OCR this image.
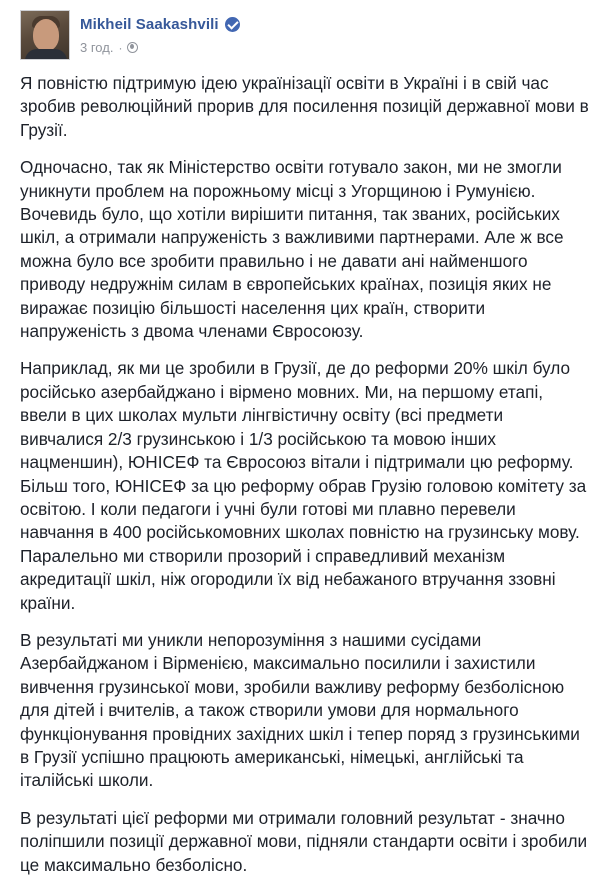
Mikheil Saakashvili
3 год. ·

Я повністю підтримую ідею українізації освіти в Україні і в свій час зробив революційний прорив для посилення позицій державної мови в Грузії.

Одночасно, так як Міністерство освіти готувало закон, ми не змогли уникнути проблем на порожньому місці з Угорщиною і Румунією. Вочевидь було, що хотіли вирішити питання, так званих, російських шкіл, а отримали напруженість з важливими партнерами. Але ж все можна було все зробити правильно і не давати ані найменшого приводу недружнім силам в європейських країнах, позиція яких не виражає позицію більшості населення цих країн, створити напруженість з двома членами Євросоюзу.

Наприклад, як ми це зробили в Грузії, де до реформи 20% шкіл було російсько азербайджано і вірмено мовних. Ми, на першому етапі, ввели в цих школах мульти лінгвістичну освіту (всі предмети вивчалися 2/3 грузинською і 1/3 російською та мовою інших нацменшин), ЮНІСЕФ та Євросоюз вітали і підтримали цю реформу. Більш того, ЮНІСЕФ за цю реформу обрав Грузію головою комітету за освітою. І коли педагоги і учні були готові ми плавно перевели навчання в 400 російськомовних школах повністю на грузинську мову. Паралельно ми створили прозорий і справедливий механізм акредитації шкіл, ніж огородили їх від небажаного втручання ззовні країни.

В результаті ми уникли непорозуміння з нашими сусідами Азербайджаном і Вірменією, максимально посилили і захистили вивчення грузинської мови, зробили важливу реформу безболісною для дітей і вчителів, а також створили умови для нормального функціонування провідних західних шкіл і тепер поряд з грузинськими в Грузії успішно працюють американські, німецькі, англійські та італійські школи.

В результаті цієї реформи ми отримали головний результат - значно поліпшили позиції державної мови, підняли стандарти освіти і зробили це максимально безболісно.
